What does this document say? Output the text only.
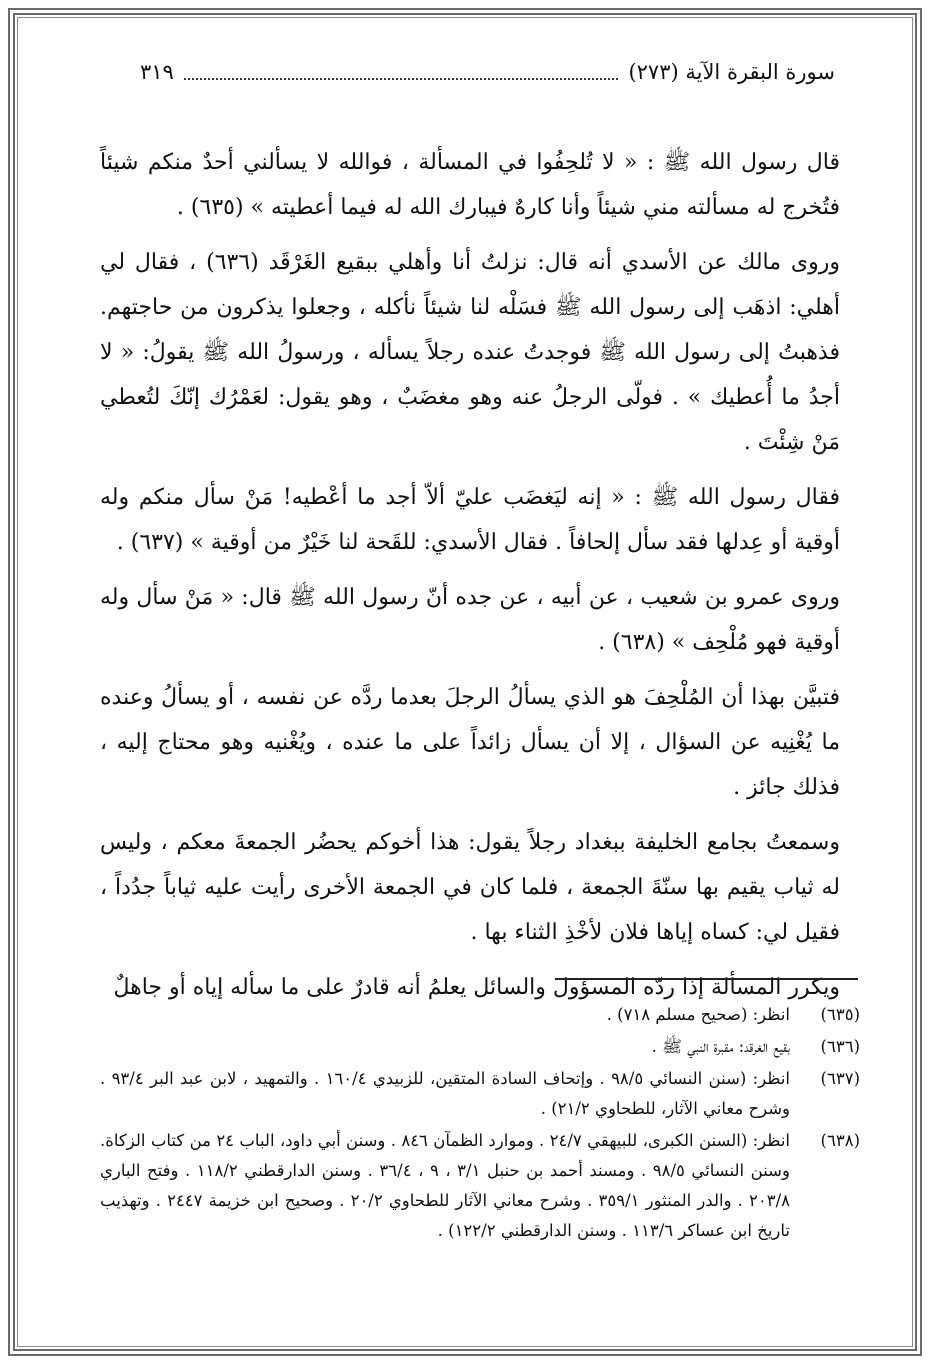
سورة البقرة الآية (٢٧٣)
٣١٩

قال رسول الله ﷺ : « لا تُلحِفُوا في المسألة ، فوالله لا يسألني أحدٌ منكم شيئاً فتُخرج له مسألته مني شيئاً وأنا كارهٌ فيبارك الله له فيما أعطيته » (٦٣٥) .

وروى مالك عن الأسدي أنه قال: نزلتُ أنا وأهلي ببقيع الغَرْقَد (٦٣٦) ، فقال لي أهلي: اذهَب إلى رسول الله ﷺ فسَلْه لنا شيئاً نأكله ، وجعلوا يذكرون من حاجتهم. فذهبتُ إلى رسول الله ﷺ فوجدتُ عنده رجلاً يسأله ، ورسولُ الله ﷺ يقولُ: « لا أجدُ ما أُعطيك » . فولّى الرجلُ عنه وهو مغضَبٌ ، وهو يقول: لعَمْرُك إنّكَ لتُعطي مَنْ شِئْتَ .

فقال رسول الله ﷺ : « إنه ليَغضَب عليّ ألاّ أجد ما أعْطيه! مَنْ سأل منكم وله أوقية أو عِدلها فقد سأل إلحافاً . فقال الأسدي: للقَحة لنا خَيْرٌ من أوقية » (٦٣٧) .

وروى عمرو بن شعيب ، عن أبيه ، عن جده أنّ رسول الله ﷺ قال: « مَنْ سأل وله أوقية فهو مُلْحِف » (٦٣٨) .

فتبيَّن بهذا أن المُلْحِفَ هو الذي يسألُ الرجلَ بعدما ردَّه عن نفسه ، أو يسألُ وعنده ما يُغْنِيه عن السؤال ، إلا أن يسأل زائداً على ما عنده ، ويُغْنيه وهو محتاج إليه ، فذلك جائز .

وسمعتُ بجامع الخليفة ببغداد رجلاً يقول: هذا أخوكم يحضُر الجمعةَ معكم ، وليس له ثياب يقيم بها سنّةَ الجمعة ، فلما كان في الجمعة الأخرى رأيت عليه ثياباً جدُداً ، فقيل لي: كساه إياها فلان لأخْذِ الثناء بها .

ويكرر المسألة إذا ردّه المسؤول والسائل يعلمُ أنه قادرٌ على ما سأله إياه أو جاهلٌ

(٦٣٥)
انظر: (صحيح مسلم ٧١٨) .
(٦٣٦)
بقيع الغرقد: مقبرة النبي ﷺ .
(٦٣٧)
انظر: (سنن النسائي ٩٨/٥ . وإتحاف السادة المتقين، للزبيدي ١٦٠/٤ . والتمهيد ، لابن عبد البر ٩٣/٤ . وشرح معاني الآثار، للطحاوي ٢١/٢) .
(٦٣٨)
انظر: (السنن الكبرى، للبيهقي ٢٤/٧ . وموارد الظمآن ٨٤٦ . وسنن أبي داود، الباب ٢٤ من كتاب الزكاة. وسنن النسائي ٩٨/٥ . ومسند أحمد بن حنبل ٣/١ ، ٩ ، ٣٦/٤ . وسنن الدارقطني ١١٨/٢ . وفتح الباري ٢٠٣/٨ . والدر المنثور ٣٥٩/١ . وشرح معاني الآثار للطحاوي ٢٠/٢ . وصحيح ابن خزيمة ٢٤٤٧ . وتهذيب تاريخ ابن عساكر ١١٣/٦ . وسنن الدارقطني ١٢٢/٢) .
